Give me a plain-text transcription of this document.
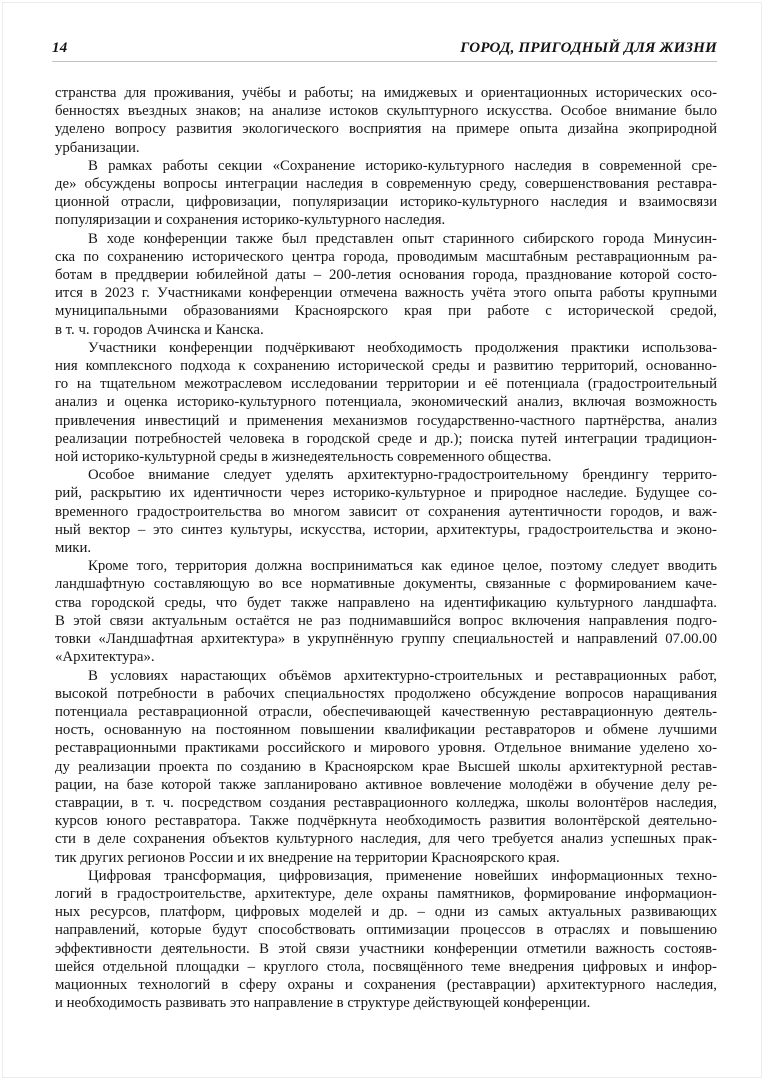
14	ГОРОД, ПРИГОДНЫЙ ДЛЯ ЖИЗНИ
странства для проживания, учёбы и работы; на имиджевых и ориентационных исторических осо-
бенностях въездных знаков; на анализе истоков скульптурного искусства. Особое внимание было
уделено вопросу развития экологического восприятия на примере опыта дизайна экоприродной
урбанизации.
В рамках работы секции «Сохранение историко-культурного наследия в современной сре-
де» обсуждены вопросы интеграции наследия в современную среду, совершенствования реставра-
ционной отрасли, цифровизации, популяризации историко-культурного наследия и взаимосвязи
популяризации и сохранения историко-культурного наследия.
В ходе конференции также был представлен опыт старинного сибирского города Минусин-
ска по сохранению исторического центра города, проводимым масштабным реставрационным ра-
ботам в преддверии юбилейной даты – 200-летия основания города, празднование которой состо-
ится в 2023 г. Участниками конференции отмечена важность учёта этого опыта работы крупными
муниципальными образованиями Красноярского края при работе с исторической средой,
в т. ч. городов Ачинска и Канска.
Участники конференции подчёркивают необходимость продолжения практики использова-
ния комплексного подхода к сохранению исторической среды и развитию территорий, основанно-
го на тщательном межотраслевом исследовании территории и её потенциала (градостроительный
анализ и оценка историко-культурного потенциала, экономический анализ, включая возможность
привлечения инвестиций и применения механизмов государственно-частного партнёрства, анализ
реализации потребностей человека в городской среде и др.); поиска путей интеграции традицион-
ной историко-культурной среды в жизнедеятельность современного общества.
Особое внимание следует уделять архитектурно-градостроительному брендингу террито-
рий, раскрытию их идентичности через историко-культурное и природное наследие. Будущее со-
временного градостроительства во многом зависит от сохранения аутентичности городов, и важ-
ный вектор – это синтез культуры, искусства, истории, архитектуры, градостроительства и эконо-
мики.
Кроме того, территория должна восприниматься как единое целое, поэтому следует вводить
ландшафтную составляющую во все нормативные документы, связанные с формированием каче-
ства городской среды, что будет также направлено на идентификацию культурного ландшафта.
В этой связи актуальным остаётся не раз поднимавшийся вопрос включения направления подго-
товки «Ландшафтная архитектура» в укрупнённую группу специальностей и направлений 07.00.00
«Архитектура».
В условиях нарастающих объёмов архитектурно-строительных и реставрационных работ,
высокой потребности в рабочих специальностях продолжено обсуждение вопросов наращивания
потенциала реставрационной отрасли, обеспечивающей качественную реставрационную деятель-
ность, основанную на постоянном повышении квалификации реставраторов и обмене лучшими
реставрационными практиками российского и мирового уровня. Отдельное внимание уделено хо-
ду реализации проекта по созданию в Красноярском крае Высшей школы архитектурной рестав-
рации, на базе которой также запланировано активное вовлечение молодёжи в обучение делу ре-
ставрации, в т. ч. посредством создания реставрационного колледжа, школы волонтёров наследия,
курсов юного реставратора. Также подчёркнута необходимость развития волонтёрской деятельно-
сти в деле сохранения объектов культурного наследия, для чего требуется анализ успешных прак-
тик других регионов России и их внедрение на территории Красноярского края.
Цифровая трансформация, цифровизация, применение новейших информационных техно-
логий в градостроительстве, архитектуре, деле охраны памятников, формирование информацион-
ных ресурсов, платформ, цифровых моделей и др. – одни из самых актуальных развивающих
направлений, которые будут способствовать оптимизации процессов в отраслях и повышению
эффективности деятельности. В этой связи участники конференции отметили важность состояв-
шейся отдельной площадки – круглого стола, посвящённого теме внедрения цифровых и инфор-
мационных технологий в сферу охраны и сохранения (реставрации) архитектурного наследия,
и необходимость развивать это направление в структуре действующей конференции.
